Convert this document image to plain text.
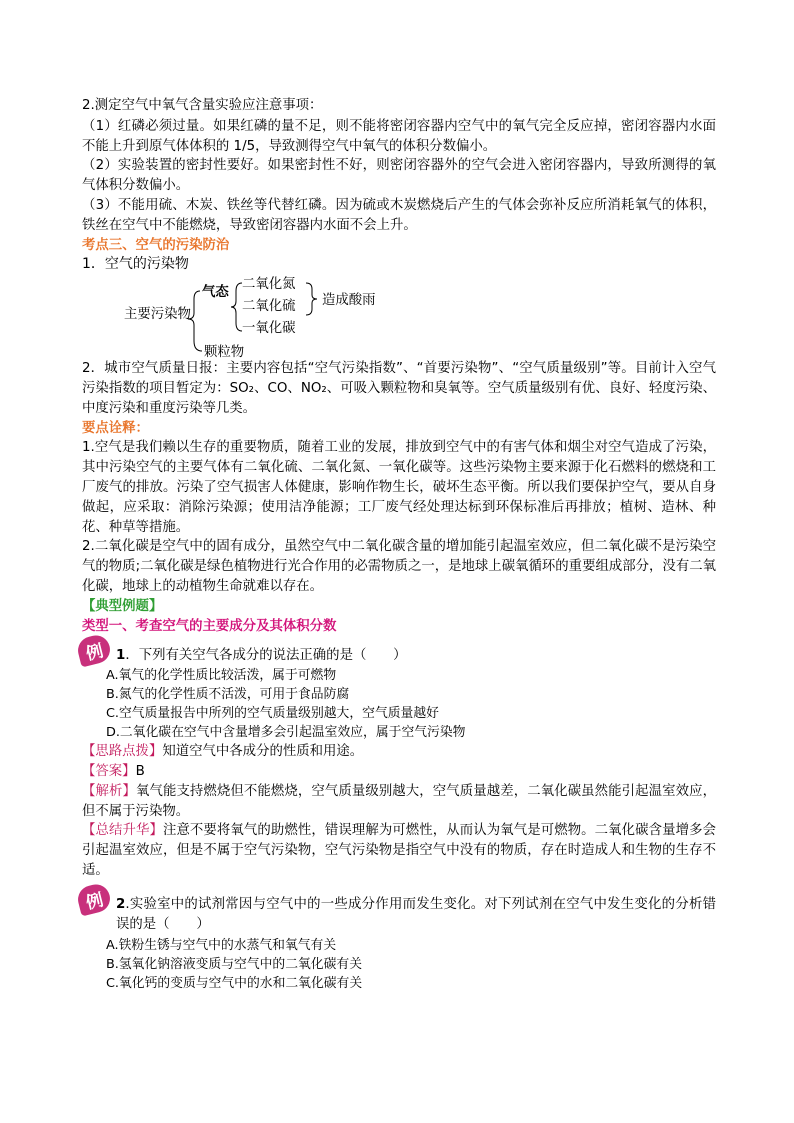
2.测定空气中氧气含量实验应注意事项：

（1）红磷必须过量。如果红磷的量不足，则不能将密闭容器内空气中的氧气完全反应掉，密闭容器内水面不能上升到原气体体积的 1/5，导致测得空气中氧气的体积分数偏小。

（2）实验装置的密封性要好。如果密封性不好，则密闭容器外的空气会进入密闭容器内，导致所测得的氧气体积分数偏小。

（3）不能用硫、木炭、铁丝等代替红磷。因为硫或木炭燃烧后产生的气体会弥补反应所消耗氧气的体积，铁丝在空气中不能燃烧，导致密闭容器内水面不会上升。

考点三、空气的污染防治

1．空气的污染物

主要污染物
气态
二氧化氮
二氧化硫
一氧化碳
造成酸雨
颗粒物

2．城市空气质量日报：主要内容包括“空气污染指数”、“首要污染物”、“空气质量级别”等。目前计入空气污染指数的项目暂定为：SO₂、CO、NO₂、可吸入颗粒物和臭氧等。空气质量级别有优、良好、轻度污染、中度污染和重度污染等几类。

要点诠释：

1.空气是我们赖以生存的重要物质，随着工业的发展，排放到空气中的有害气体和烟尘对空气造成了污染，其中污染空气的主要气体有二氧化硫、二氧化氮、一氧化碳等。这些污染物主要来源于化石燃料的燃烧和工厂废气的排放。污染了空气损害人体健康，影响作物生长，破坏生态平衡。所以我们要保护空气，要从自身做起，应采取：消除污染源；使用洁净能源；工厂废气经处理达标到环保标准后再排放；植树、造林、种花、种草等措施。

2.二氧化碳是空气中的固有成分，虽然空气中二氧化碳含量的增加能引起温室效应，但二氧化碳不是污染空气的物质;二氧化碳是绿色植物进行光合作用的必需物质之一，是地球上碳氧循环的重要组成部分，没有二氧化碳，地球上的动植物生命就难以存在。

【典型例题】

类型一、考查空气的主要成分及其体积分数

例 1．下列有关空气各成分的说法正确的是（　　）

A.氧气的化学性质比较活泼，属于可燃物

B.氮气的化学性质不活泼，可用于食品防腐

C.空气质量报告中所列的空气质量级别越大，空气质量越好

D.二氧化碳在空气中含量增多会引起温室效应，属于空气污染物

【思路点拨】知道空气中各成分的性质和用途。

【答案】B

【解析】氧气能支持燃烧但不能燃烧，空气质量级别越大，空气质量越差，二氧化碳虽然能引起温室效应，但不属于污染物。

【总结升华】注意不要将氧气的助燃性，错误理解为可燃性，从而认为氧气是可燃物。二氧化碳含量增多会引起温室效应，但是不属于空气污染物，空气污染物是指空气中没有的物质，存在时造成人和生物的生存不适。

例 2.实验室中的试剂常因与空气中的一些成分作用而发生变化。对下列试剂在空气中发生变化的分析错误的是（　　）

A.铁粉生锈与空气中的水蒸气和氧气有关

B.氢氧化钠溶液变质与空气中的二氧化碳有关

C.氧化钙的变质与空气中的水和二氧化碳有关
